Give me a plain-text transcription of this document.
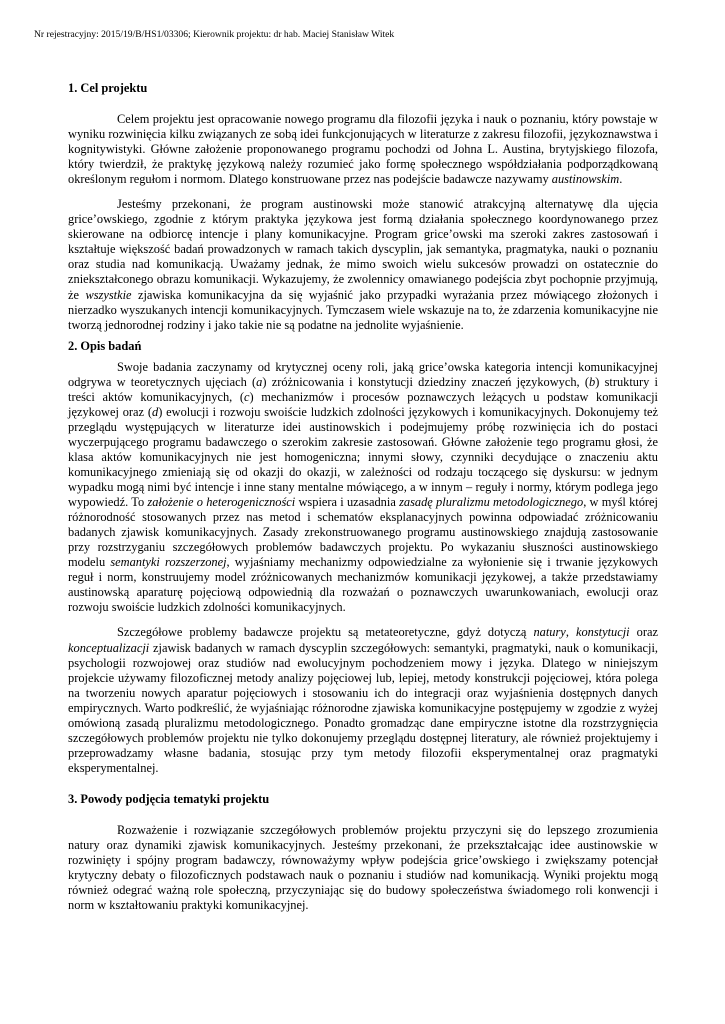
Nr rejestracyjny: 2015/19/B/HS1/03306; Kierownik projektu: dr hab. Maciej Stanisław Witek
1. Cel projektu

Celem projektu jest opracowanie nowego programu dla filozofii języka i nauk o poznaniu, który powstaje w wyniku rozwinięcia kilku związanych ze sobą idei funkcjonujących w literaturze z zakresu filozofii, językoznawstwa i kognitywistyki. Główne założenie proponowanego programu pochodzi od Johna L. Austina, brytyjskiego filozofa, który twierdził, że praktykę językową należy rozumieć jako formę społecznego współdziałania podporządkowaną określonym regułom i normom. Dlatego konstruowane przez nas podejście badawcze nazywamy austinowskim.

Jesteśmy przekonani, że program austinowski może stanowić atrakcyjną alternatywę dla ujęcia grice’owskiego, zgodnie z którym praktyka językowa jest formą działania społecznego koordynowanego przez skierowane na odbiorcę intencje i plany komunikacyjne. Program grice’owski ma szeroki zakres zastosowań i kształtuje większość badań prowadzonych w ramach takich dyscyplin, jak semantyka, pragmatyka, nauki o poznaniu oraz studia nad komunikacją. Uważamy jednak, że mimo swoich wielu sukcesów prowadzi on ostatecznie do zniekształconego obrazu komunikacji. Wykazujemy, że zwolennicy omawianego podejścia zbyt pochopnie przyjmują, że wszystkie zjawiska komunikacyjna da się wyjaśnić jako przypadki wyrażania przez mówiącego złożonych i nierzadko wyszukanych intencji komunikacyjnych. Tymczasem wiele wskazuje na to, że zdarzenia komunikacyjne nie tworzą jednorodnej rodziny i jako takie nie są podatne na jednolite wyjaśnienie.

2. Opis badań

Swoje badania zaczynamy od krytycznej oceny roli, jaką grice’owska kategoria intencji komunikacyjnej odgrywa w teoretycznych ujęciach (a) zróżnicowania i konstytucji dziedziny znaczeń językowych, (b) struktury i treści aktów komunikacyjnych, (c) mechanizmów i procesów poznawczych leżących u podstaw komunikacji językowej oraz (d) ewolucji i rozwoju swoiście ludzkich zdolności językowych i komunikacyjnych. Dokonujemy też przeglądu występujących w literaturze idei austinowskich i podejmujemy próbę rozwinięcia ich do postaci wyczerpującego programu badawczego o szerokim zakresie zastosowań. Główne założenie tego programu głosi, że klasa aktów komunikacyjnych nie jest homogeniczna; innymi słowy, czynniki decydujące o znaczeniu aktu komunikacyjnego zmieniają się od okazji do okazji, w zależności od rodzaju toczącego się dyskursu: w jednym wypadku mogą nimi być intencje i inne stany mentalne mówiącego, a w innym – reguły i normy, którym podlega jego wypowiedź. To założenie o heterogeniczności wspiera i uzasadnia zasadę pluralizmu metodologicznego, w myśl której różnorodność stosowanych przez nas metod i schematów eksplanacyjnych powinna odpowiadać zróżnicowaniu badanych zjawisk komunikacyjnych. Zasady zrekonstruowanego programu austinowskiego znajdują zastosowanie przy rozstrzyganiu szczegółowych problemów badawczych projektu. Po wykazaniu słuszności austinowskiego modelu semantyki rozszerzonej, wyjaśniamy mechanizmy odpowiedzialne za wyłonienie się i trwanie językowych reguł i norm, konstruujemy model zróżnicowanych mechanizmów komunikacji językowej, a także przedstawiamy austinowską aparaturę pojęciową odpowiednią dla rozważań o poznawczych uwarunkowaniach, ewolucji oraz rozwoju swoiście ludzkich zdolności komunikacyjnych.

Szczegółowe problemy badawcze projektu są metateoretyczne, gdyż dotyczą natury, konstytucji oraz konceptualizacji zjawisk badanych w ramach dyscyplin szczegółowych: semantyki, pragmatyki, nauk o komunikacji, psychologii rozwojowej oraz studiów nad ewolucyjnym pochodzeniem mowy i języka. Dlatego w niniejszym projekcie używamy filozoficznej metody analizy pojęciowej lub, lepiej, metody konstrukcji pojęciowej, która polega na tworzeniu nowych aparatur pojęciowych i stosowaniu ich do integracji oraz wyjaśnienia dostępnych danych empirycznych. Warto podkreślić, że wyjaśniając różnorodne zjawiska komunikacyjne postępujemy w zgodzie z wyżej omówioną zasadą pluralizmu metodologicznego. Ponadto gromadząc dane empiryczne istotne dla rozstrzygnięcia szczegółowych problemów projektu nie tylko dokonujemy przeglądu dostępnej literatury, ale również projektujemy i przeprowadzamy własne badania, stosując przy tym metody filozofii eksperymentalnej oraz pragmatyki eksperymentalnej.

3. Powody podjęcia tematyki projektu

Rozważenie i rozwiązanie szczegółowych problemów projektu przyczyni się do lepszego zrozumienia natury oraz dynamiki zjawisk komunikacyjnych. Jesteśmy przekonani, że przekształcając idee austinowskie w rozwinięty i spójny program badawczy, równoważymy wpływ podejścia grice’owskiego i zwiększamy potencjał krytyczny debaty o filozoficznych podstawach nauk o poznaniu i studiów nad komunikacją. Wyniki projektu mogą również odegrać ważną role społeczną, przyczyniając się do budowy społeczeństwa świadomego roli konwencji i norm w kształtowaniu praktyki komunikacyjnej.
